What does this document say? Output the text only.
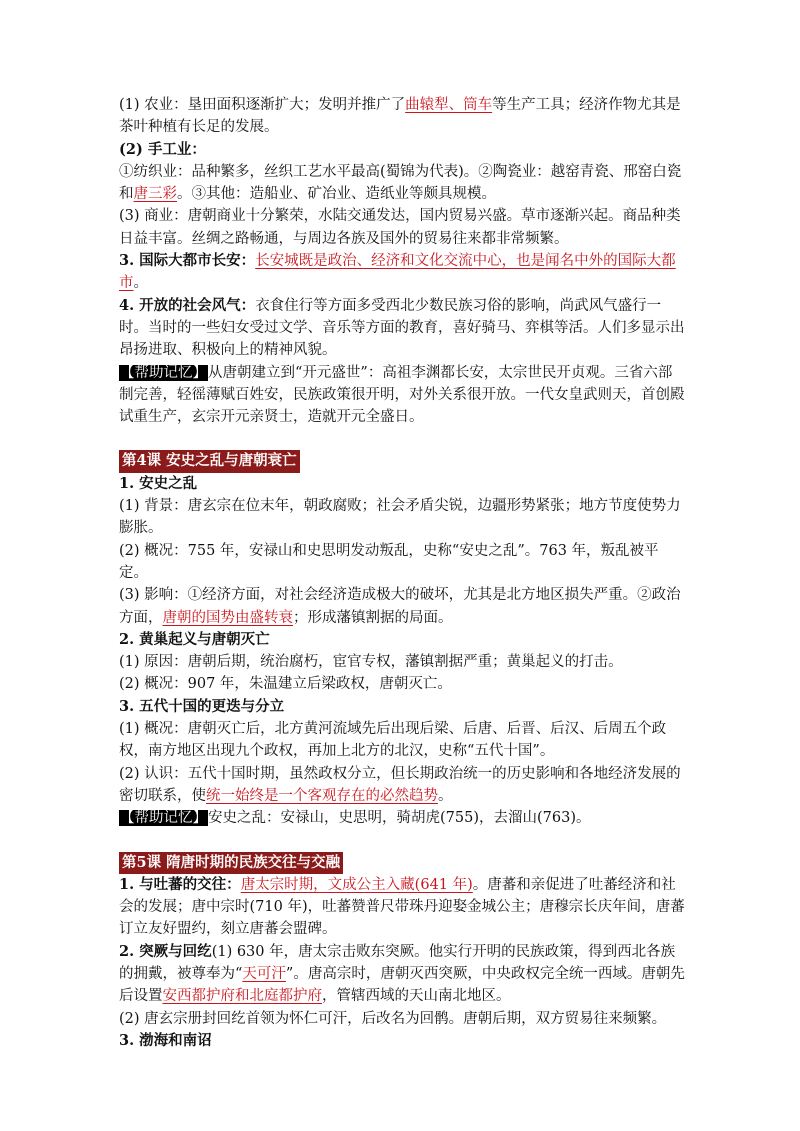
(1) 农业：垦田面积逐渐扩大；发明并推广了曲辕犁、筒车等生产工具；经济作物尤其是茶叶种植有长足的发展。

(2) 手工业：

①纺织业：品种繁多，丝织工艺水平最高(蜀锦为代表)。②陶瓷业：越窑青瓷、邢窑白瓷和唐三彩。③其他：造船业、矿冶业、造纸业等颇具规模。

(3) 商业：唐朝商业十分繁荣，水陆交通发达，国内贸易兴盛。草市逐渐兴起。商品种类日益丰富。丝绸之路畅通，与周边各族及国外的贸易往来都非常频繁。

3. 国际大都市长安：长安城既是政治、经济和文化交流中心，也是闻名中外的国际大都市。

4. 开放的社会风气：衣食住行等方面多受西北少数民族习俗的影响，尚武风气盛行一时。当时的一些妇女受过文学、音乐等方面的教育，喜好骑马、弈棋等活。人们多显示出昂扬进取、积极向上的精神风貌。

【帮助记忆】从唐朝建立到“开元盛世”：高祖李渊都长安，太宗世民开贞观。三省六部制完善，轻徭薄赋百姓安，民族政策很开明，对外关系很开放。一代女皇武则天，首创殿试重生产，玄宗开元亲贤士，造就开元全盛日。

第4课 安史之乱与唐朝衰亡

1. 安史之乱

(1) 背景：唐玄宗在位末年，朝政腐败；社会矛盾尖锐，边疆形势紧张；地方节度使势力膨胀。

(2) 概况：755 年，安禄山和史思明发动叛乱，史称“安史之乱”。763 年，叛乱被平定。

(3) 影响：①经济方面，对社会经济造成极大的破坏，尤其是北方地区损失严重。②政治方面，唐朝的国势由盛转衰；形成藩镇割据的局面。

2. 黄巢起义与唐朝灭亡

(1) 原因：唐朝后期，统治腐朽，宦官专权，藩镇割据严重；黄巢起义的打击。

(2) 概况：907 年，朱温建立后梁政权，唐朝灭亡。

3. 五代十国的更迭与分立

(1) 概况：唐朝灭亡后，北方黄河流域先后出现后梁、后唐、后晋、后汉、后周五个政权，南方地区出现九个政权，再加上北方的北汉，史称“五代十国”。

(2) 认识：五代十国时期，虽然政权分立，但长期政治统一的历史影响和各地经济发展的密切联系，使统一始终是一个客观存在的必然趋势。

【帮助记忆】安史之乱：安禄山，史思明，骑胡虎(755)，去溜山(763)。

第5课 隋唐时期的民族交往与交融

1. 与吐蕃的交往：唐太宗时期，文成公主入藏(641 年)。唐蕃和亲促进了吐蕃经济和社会的发展；唐中宗时(710 年)，吐蕃赞普尺带珠丹迎娶金城公主；唐穆宗长庆年间，唐蕃订立友好盟约，刻立唐蕃会盟碑。

2. 突厥与回纥(1) 630 年，唐太宗击败东突厥。他实行开明的民族政策，得到西北各族的拥戴，被尊奉为“天可汗”。唐高宗时，唐朝灭西突厥，中央政权完全统一西域。唐朝先后设置安西都护府和北庭都护府，管辖西域的天山南北地区。

(2) 唐玄宗册封回纥首领为怀仁可汗，后改名为回鹘。唐朝后期，双方贸易往来频繁。

3. 渤海和南诏
